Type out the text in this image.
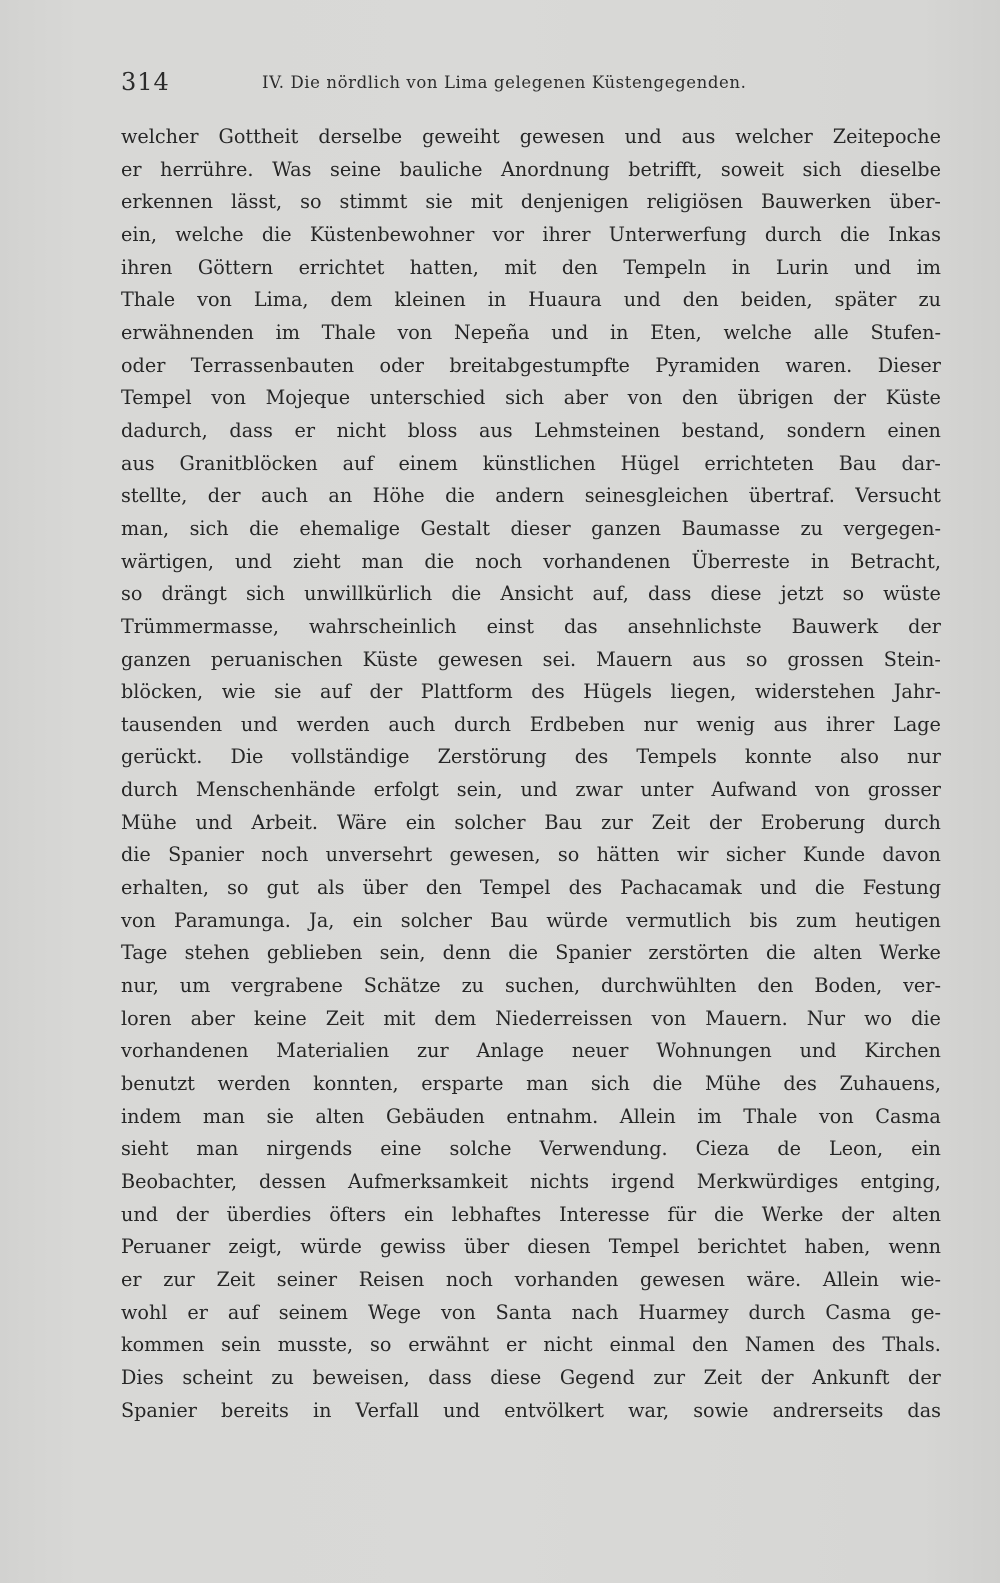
314	IV. Die nördlich von Lima gelegenen Küstengegenden.
welcher Gottheit derselbe geweiht gewesen und aus welcher Zeitepoche
er herrühre. Was seine bauliche Anordnung betrifft, soweit sich dieselbe
erkennen lässt, so stimmt sie mit denjenigen religiösen Bauwerken über-
ein, welche die Küstenbewohner vor ihrer Unterwerfung durch die Inkas
ihren Göttern errichtet hatten, mit den Tempeln in Lurin und im
Thale von Lima, dem kleinen in Huaura und den beiden, später zu
erwähnenden im Thale von Nepeña und in Eten, welche alle Stufen-
oder Terrassenbauten oder breitabgestumpfte Pyramiden waren. Dieser
Tempel von Mojeque unterschied sich aber von den übrigen der Küste
dadurch, dass er nicht bloss aus Lehmsteinen bestand, sondern einen
aus Granitblöcken auf einem künstlichen Hügel errichteten Bau dar-
stellte, der auch an Höhe die andern seinesgleichen übertraf. Versucht
man, sich die ehemalige Gestalt dieser ganzen Baumasse zu vergegen-
wärtigen, und zieht man die noch vorhandenen Überreste in Betracht,
so drängt sich unwillkürlich die Ansicht auf, dass diese jetzt so wüste
Trümmermasse, wahrscheinlich einst das ansehnlichste Bauwerk der
ganzen peruanischen Küste gewesen sei. Mauern aus so grossen Stein-
blöcken, wie sie auf der Plattform des Hügels liegen, widerstehen Jahr-
tausenden und werden auch durch Erdbeben nur wenig aus ihrer Lage
gerückt. Die vollständige Zerstörung des Tempels konnte also nur
durch Menschenhände erfolgt sein, und zwar unter Aufwand von grosser
Mühe und Arbeit. Wäre ein solcher Bau zur Zeit der Eroberung durch
die Spanier noch unversehrt gewesen, so hätten wir sicher Kunde davon
erhalten, so gut als über den Tempel des Pachacamak und die Festung
von Paramunga. Ja, ein solcher Bau würde vermutlich bis zum heutigen
Tage stehen geblieben sein, denn die Spanier zerstörten die alten Werke
nur, um vergrabene Schätze zu suchen, durchwühlten den Boden, ver-
loren aber keine Zeit mit dem Niederreissen von Mauern. Nur wo die
vorhandenen Materialien zur Anlage neuer Wohnungen und Kirchen
benutzt werden konnten, ersparte man sich die Mühe des Zuhauens,
indem man sie alten Gebäuden entnahm. Allein im Thale von Casma
sieht man nirgends eine solche Verwendung. Cieza de Leon, ein
Beobachter, dessen Aufmerksamkeit nichts irgend Merkwürdiges entging,
und der überdies öfters ein lebhaftes Interesse für die Werke der alten
Peruaner zeigt, würde gewiss über diesen Tempel berichtet haben, wenn
er zur Zeit seiner Reisen noch vorhanden gewesen wäre. Allein wie-
wohl er auf seinem Wege von Santa nach Huarmey durch Casma ge-
kommen sein musste, so erwähnt er nicht einmal den Namen des Thals.
Dies scheint zu beweisen, dass diese Gegend zur Zeit der Ankunft der
Spanier bereits in Verfall und entvölkert war, sowie andrerseits das
